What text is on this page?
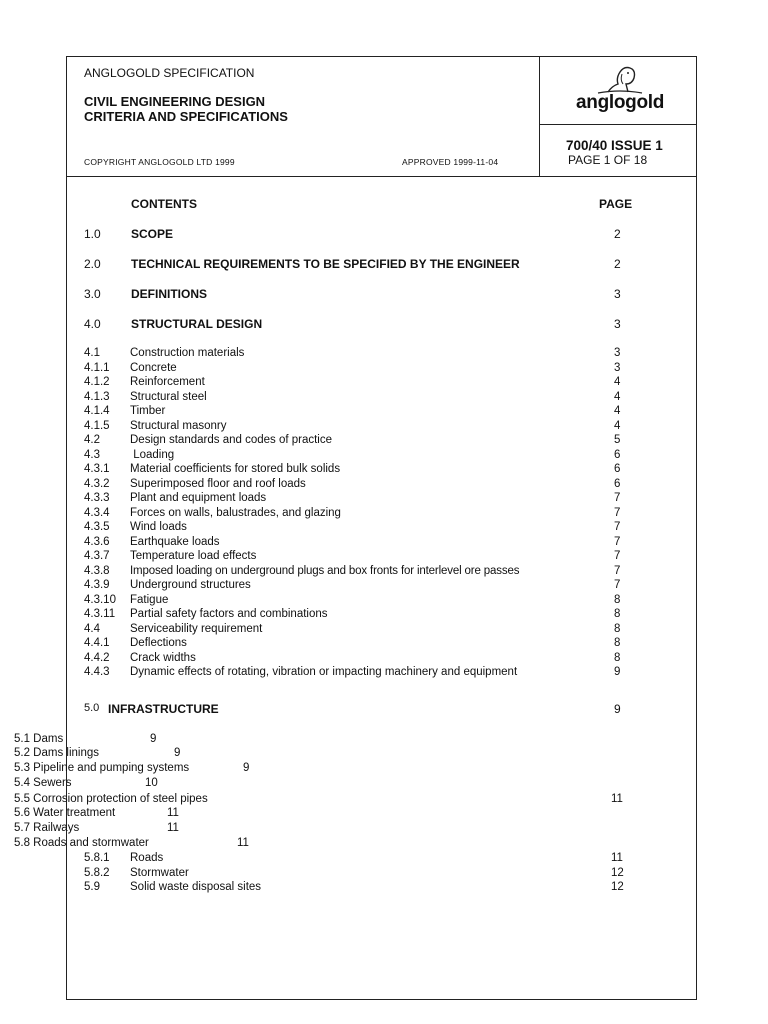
ANGLOGOLD SPECIFICATION
CIVIL ENGINEERING DESIGN
CRITERIA AND SPECIFICATIONS
COPYRIGHT ANGLOGOLD LTD 1999	APPROVED 1999-11-04
anglogold
700/40 ISSUE 1
PAGE 1 OF 18
CONTENTS	PAGE
1.0	SCOPE	2
2.0	TECHNICAL REQUIREMENTS TO BE SPECIFIED BY THE ENGINEER	2
3.0	DEFINITIONS	3
4.0	STRUCTURAL DESIGN	3
4.1	Construction materials	3
4.1.1	Concrete	3
4.1.2	Reinforcement	4
4.1.3	Structural steel	4
4.1.4	Timber	4
4.1.5	Structural masonry	4
4.2	Design standards and codes of practice	5
4.3	Loading	6
4.3.1	Material coefficients for stored bulk solids	6
4.3.2	Superimposed floor and roof loads	6
4.3.3	Plant and equipment loads	7
4.3.4	Forces on walls, balustrades, and glazing	7
4.3.5	Wind loads	7
4.3.6	Earthquake loads	7
4.3.7	Temperature load effects	7
4.3.8	Imposed loading on underground plugs and box fronts for interlevel ore passes	7
4.3.9	Underground structures	7
4.3.10	Fatigue	8
4.3.11	Partial safety factors and combinations	8
4.4	Serviceability requirement	8
4.4.1	Deflections	8
4.4.2	Crack widths	8
4.4.3	Dynamic effects of rotating, vibration or impacting machinery and equipment	9
5.0 INFRASTRUCTURE	9
5.1 Dams	9
5.2 Dams linings	9
5.3 Pipeline and pumping systems	9
5.4 Sewers	10
5.5 Corrosion protection of steel pipes	11
5.6 Water treatment	11
5.7 Railways	11
5.8 Roads and stormwater	11
5.8.1	Roads	11
5.8.2	Stormwater	12
5.9	Solid waste disposal sites	12
